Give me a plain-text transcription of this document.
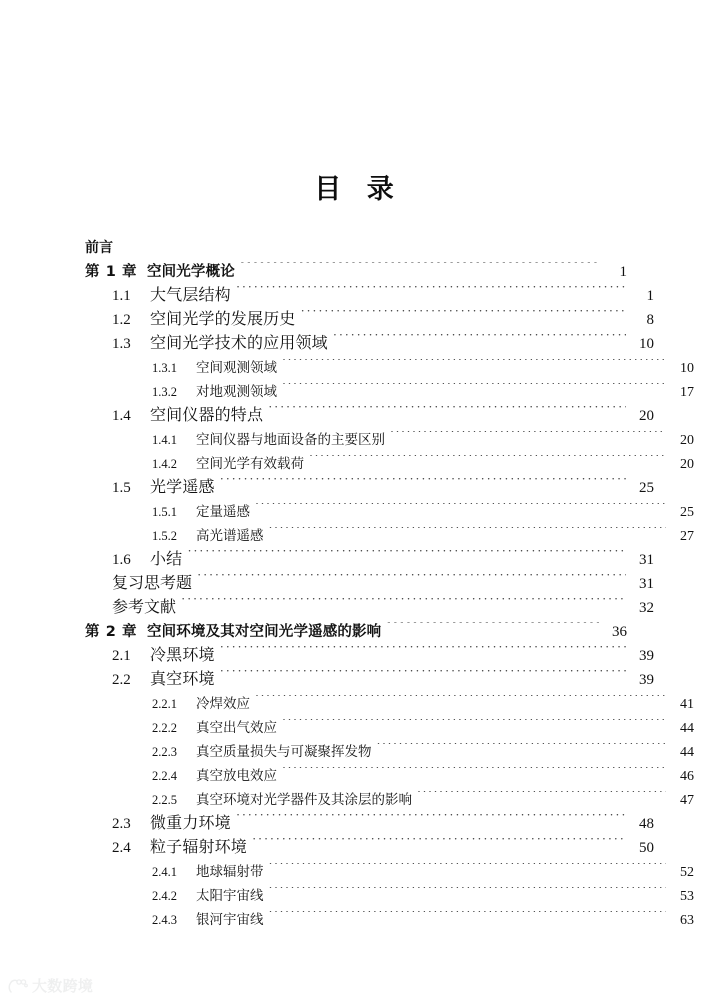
目 录
前言
第 1 章 空间光学概论 ·····	1
1.1	大气层结构 ·····	1
1.2	空间光学的发展历史 ·····	8
1.3	空间光学技术的应用领域 ·····	10
1.3.1	空间观测领域 ·····	10
1.3.2	对地观测领域 ·····	17
1.4	空间仪器的特点 ·····	20
1.4.1	空间仪器与地面设备的主要区别 ·····	20
1.4.2	空间光学有效载荷 ·····	20
1.5	光学遥感 ·····	25
1.5.1	定量遥感 ·····	25
1.5.2	高光谱遥感 ·····	27
1.6	小结 ·····	31
复习思考题 ·····	31
参考文献 ·····	32
第 2 章 空间环境及其对空间光学遥感的影响 ·····	36
2.1	冷黑环境 ·····	39
2.2	真空环境 ·····	39
2.2.1	冷焊效应 ·····	41
2.2.2	真空出气效应 ·····	44
2.2.3	真空质量损失与可凝聚挥发物 ·····	44
2.2.4	真空放电效应 ·····	46
2.2.5	真空环境对光学器件及其涂层的影响 ·····	47
2.3	微重力环境 ·····	48
2.4	粒子辐射环境 ·····	50
2.4.1	地球辐射带 ·····	52
2.4.2	太阳宇宙线 ·····	53
2.4.3	银河宇宙线 ·····	63
大数跨境
